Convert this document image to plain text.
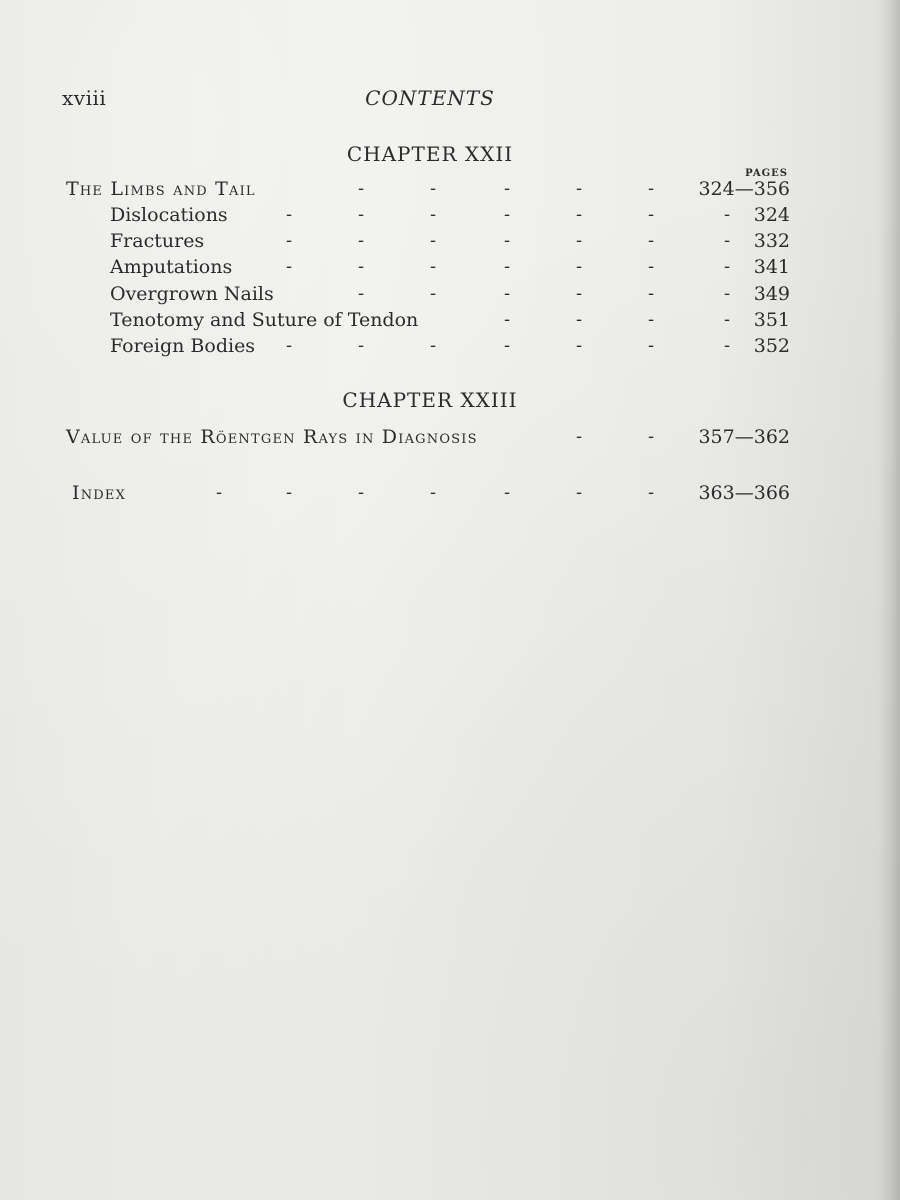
xviii	CONTENTS
CHAPTER XXII
PAGES
The Limbs and Tail	-	-	-	-	- 324—356
Dislocations	-	-	-	-	-	-	- 324
Fractures	-	-	-	-	-	-	- 332
Amputations	-	-	-	-	-	-	- 341
Overgrown Nails	-	-	-	-	-	- 349
Tenotomy and Suture of Tendon	-	-	-	- 351
Foreign Bodies -	-	-	-	-	-	- 352
CHAPTER XXIII
Value of the Röentgen Rays in Diagnosis	-	- 357—362
Index	-	-	-	-	-	-	- 363—366
